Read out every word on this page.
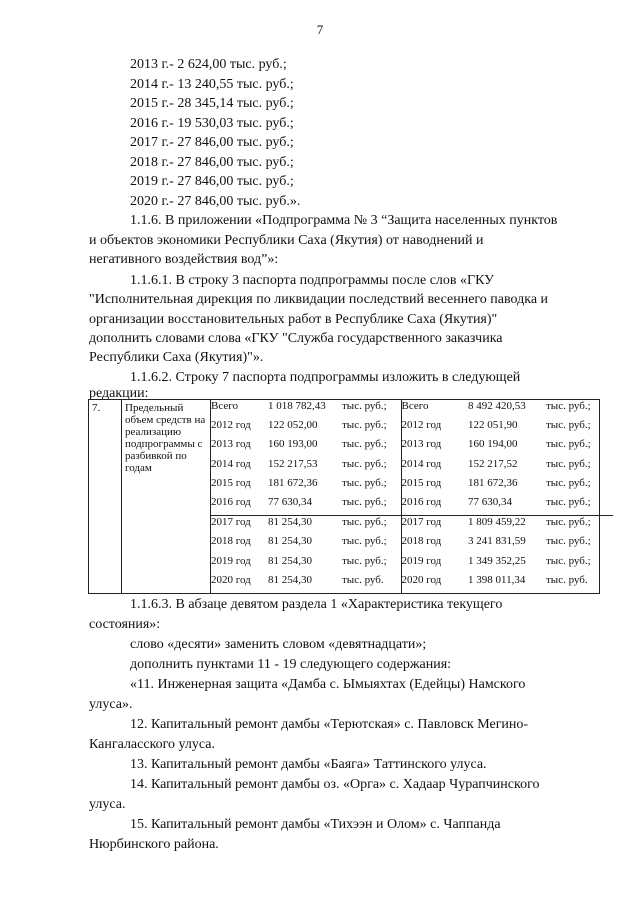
7
2013 г.- 2 624,00 тыс. руб.;
2014 г.- 13 240,55 тыс. руб.;
2015 г.- 28 345,14 тыс. руб.;
2016 г.- 19 530,03 тыс. руб.;
2017 г.- 27 846,00 тыс. руб.;
2018 г.- 27 846,00 тыс. руб.;
2019 г.- 27 846,00 тыс. руб.;
2020 г.- 27 846,00 тыс. руб.».
1.1.6. В приложении «Подпрограмма № 3 “Защита населенных пунктов
и объектов экономики Республики Саха (Якутия) от наводнений и
негативного воздействия вод”»:
1.1.6.1. В строку 3 паспорта подпрограммы после слов «ГКУ
"Исполнительная дирекция по ликвидации последствий весеннего паводка и
организации восстановительных работ в Республике Саха (Якутия)"
дополнить словами слова «ГКУ "Служба государственного заказчика
Республики Саха (Якутия)"».
1.1.6.2. Строку 7 паспорта подпрограммы изложить в следующей
редакции:
7.	Предельный объем средств на реализацию подпрограммы с разбивкой по годам	
Всего	1 018 782,43	тыс. руб.;	Всего	8 492 420,53	тыс. руб.;
2012 год	122 052,00	тыс. руб.;	2012 год	122 051,90	тыс. руб.;
2013 год	160 193,00	тыс. руб.;	2013 год	160 194,00	тыс. руб.;
2014 год	152 217,53	тыс. руб.;	2014 год	152 217,52	тыс. руб.;
2015 год	181 672,36	тыс. руб.;	2015 год	181 672,36	тыс. руб.;
2016 год	77 630,34	тыс. руб.;	2016 год	77 630,34	тыс. руб.;
2017 год	81 254,30	тыс. руб.;	2017 год	1 809 459,22	тыс. руб.;
2018 год	81 254,30	тыс. руб.;	2018 год	3 241 831,59	тыс. руб.;
2019 год	81 254,30	тыс. руб.;	2019 год	1 349 352,25	тыс. руб.;
2020 год	81 254,30	тыс. руб.	2020 год	1 398 011,34	тыс. руб.
1.1.6.3. В абзаце девятом раздела 1 «Характеристика текущего
состояния»:
слово «десяти» заменить словом «девятнадцати»;
дополнить пунктами 11 - 19 следующего содержания:
«11. Инженерная защита «Дамба с. Ымыяхтах (Едейцы) Намского
улуса».
12. Капитальный ремонт дамбы «Терютская» с. Павловск Мегино-
Кангаласского улуса.
13. Капитальный ремонт дамбы «Баяга» Таттинского улуса.
14. Капитальный ремонт дамбы оз. «Орга» с. Хадаар Чурапчинского
улуса.
15. Капитальный ремонт дамбы «Тихээн и Олом» с. Чаппанда
Нюрбинского района.
